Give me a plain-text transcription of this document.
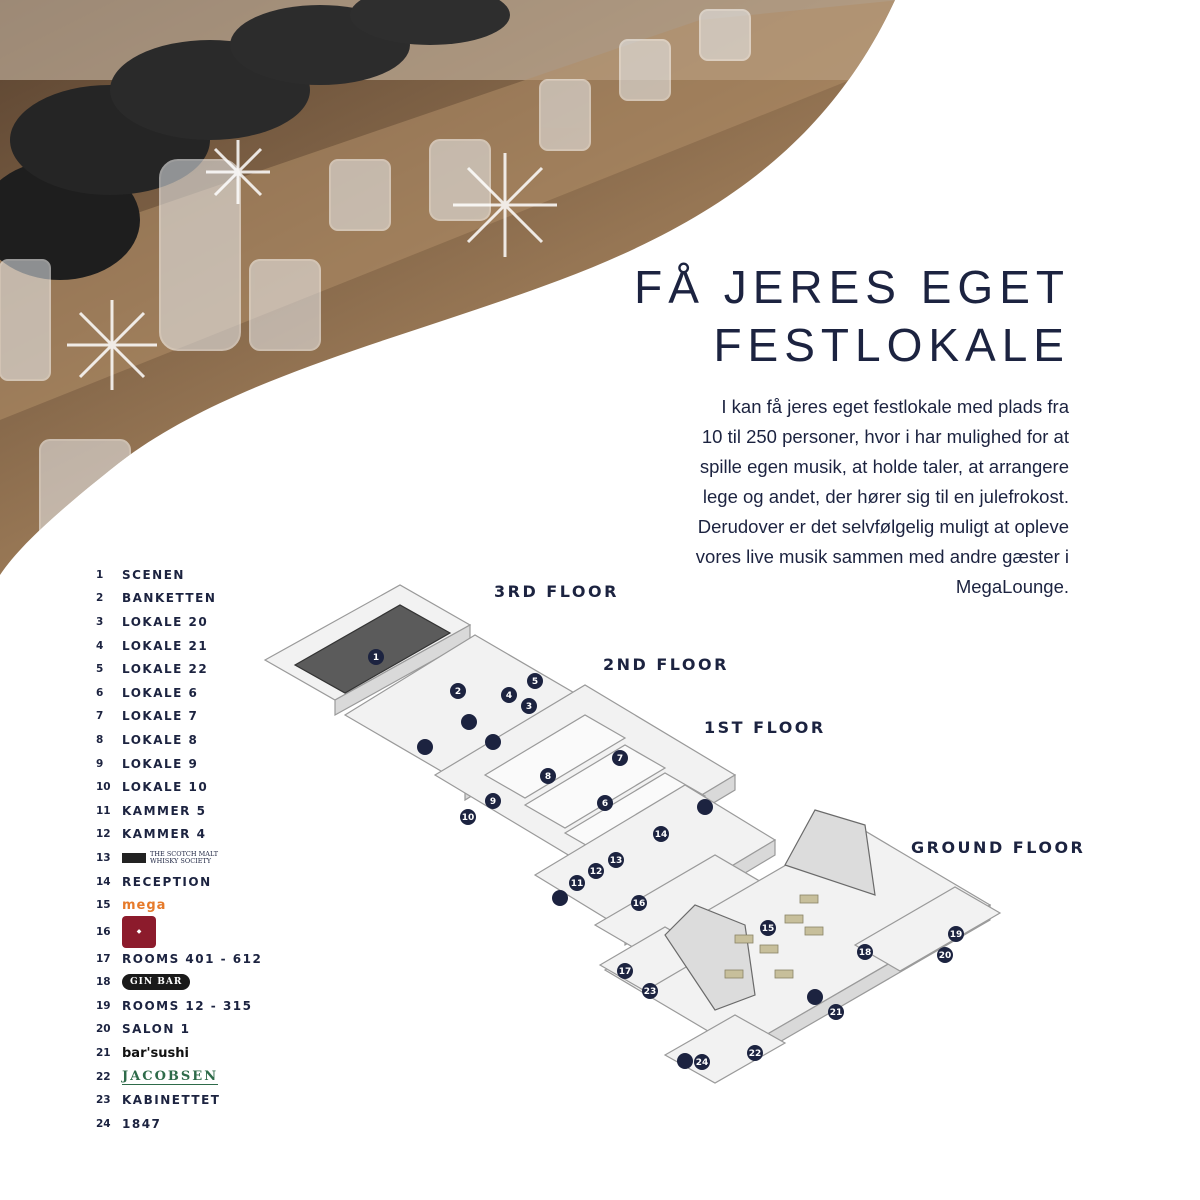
FÅ JERES EGET
FESTLOKALE
I kan få jeres eget festlokale med plads fra
10 til 250 personer, hvor i har mulighed for at
spille egen musik, at holde taler, at arrangere
lege og andet, der hører sig til en julefrokost.
Derudover er det selvfølgelig muligt at opleve
vores live musik sammen med andre gæster i
MegaLounge.
1	SCENEN
2	BANKETTEN
3	LOKALE 20
4	LOKALE 21
5	LOKALE 22
6	LOKALE 6
7	LOKALE 7
8	LOKALE 8
9	LOKALE 9
10 LOKALE 10
11 KAMMER 5
12 KAMMER 4
13	THE SCOTCH MALT
WHISKY SOCIETY
14 RECEPTION
15 mega
16	◆
17 ROOMS 401 - 612
18	GIN BAR
19 ROOMS 12 - 315
20 SALON 1
21 bar'sushi
22 JACOBSEN
23 KABINETTET
24 1847
3RD FLOOR
2ND FLOOR
1ST FLOOR
GROUND FLOOR
1
2
3
4
5
6
7
8
9
10
11
12
13
14
15
16
17
18
19
20
21
22
23
24
